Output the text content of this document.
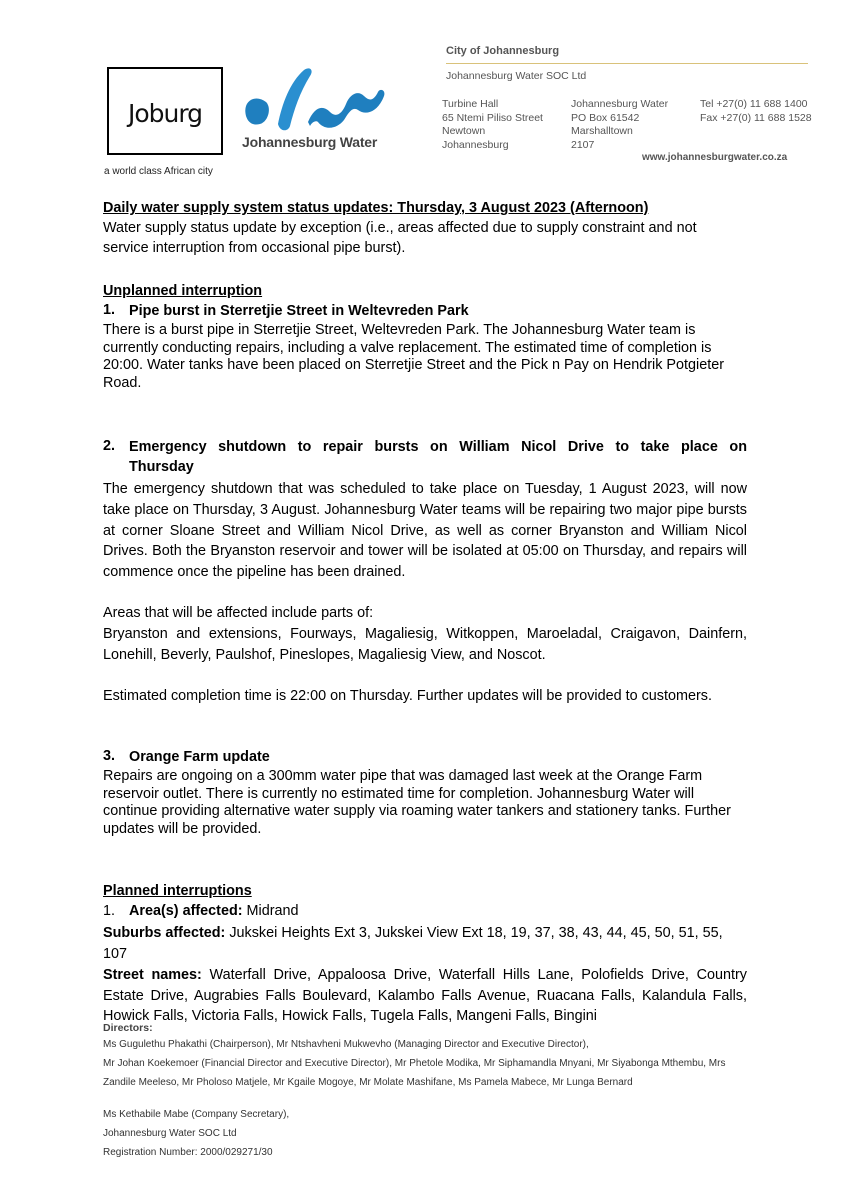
Joburg
a world class African city
Johannesburg Water
City of Johannesburg
Johannesburg Water SOC Ltd
Turbine Hall
65 Ntemi Piliso Street
Newtown
Johannesburg
Johannesburg Water
PO Box 61542
Marshalltown
2107
Tel +27(0) 11 688 1400
Fax +27(0) 11 688 1528
www.johannesburgwater.co.za
Daily water supply system status updates: Thursday, 3 August 2023 (Afternoon)
Water supply status update by exception (i.e., areas affected due to supply constraint and not
service interruption from occasional pipe burst).
Unplanned interruption
1. Pipe burst in Sterretjie Street in Weltevreden Park
There is a burst pipe in Sterretjie Street, Weltevreden Park. The Johannesburg Water team is currently conducting repairs, including a valve replacement. The estimated time of completion is 20:00. Water tanks have been placed on Sterretjie Street and the Pick n Pay on Hendrik Potgieter Road.
2. Emergency shutdown to repair bursts on William Nicol Drive to take place on
Thursday
The emergency shutdown that was scheduled to take place on Tuesday, 1 August 2023, will now take place on Thursday, 3 August. Johannesburg Water teams will be repairing two major pipe bursts at corner Sloane Street and William Nicol Drive, as well as corner Bryanston and William Nicol Drives. Both the Bryanston reservoir and tower will be isolated at 05:00 on Thursday, and repairs will commence once the pipeline has been drained.
Areas that will be affected include parts of:
Bryanston and extensions, Fourways, Magaliesig, Witkoppen, Maroeladal, Craigavon, Dainfern, Lonehill, Beverly, Paulshof, Pineslopes, Magaliesig View, and Noscot.
Estimated completion time is 22:00 on Thursday. Further updates will be provided to customers.
3. Orange Farm update
Repairs are ongoing on a 300mm water pipe that was damaged last week at the Orange Farm reservoir outlet. There is currently no estimated time for completion. Johannesburg Water will continue providing alternative water supply via roaming water tankers and stationery tanks. Further updates will be provided.
Planned interruptions
1. Area(s) affected: Midrand
Suburbs affected: Jukskei Heights Ext 3, Jukskei View Ext 18, 19, 37, 38, 43, 44, 45, 50, 51, 55, 107
Street names: Waterfall Drive, Appaloosa Drive, Waterfall Hills Lane, Polofields Drive, Country Estate Drive, Augrabies Falls Boulevard, Kalambo Falls Avenue, Ruacana Falls, Kalandula Falls, Howick Falls, Victoria Falls, Howick Falls, Tugela Falls, Mangeni Falls, Bingini
Directors:
Ms Gugulethu Phakathi (Chairperson), Mr Ntshavheni Mukwevho (Managing Director and Executive Director),
Mr Johan Koekemoer (Financial Director and Executive Director), Mr Phetole Modika, Mr Siphamandla Mnyani, Mr Siyabonga Mthembu, Mrs
Zandile Meeleso, Mr Pholoso Matjele, Mr Kgaile Mogoye, Mr Molate Mashifane, Ms Pamela Mabece, Mr Lunga Bernard
Ms Kethabile Mabe (Company Secretary),
Johannesburg Water SOC Ltd
Registration Number: 2000/029271/30
